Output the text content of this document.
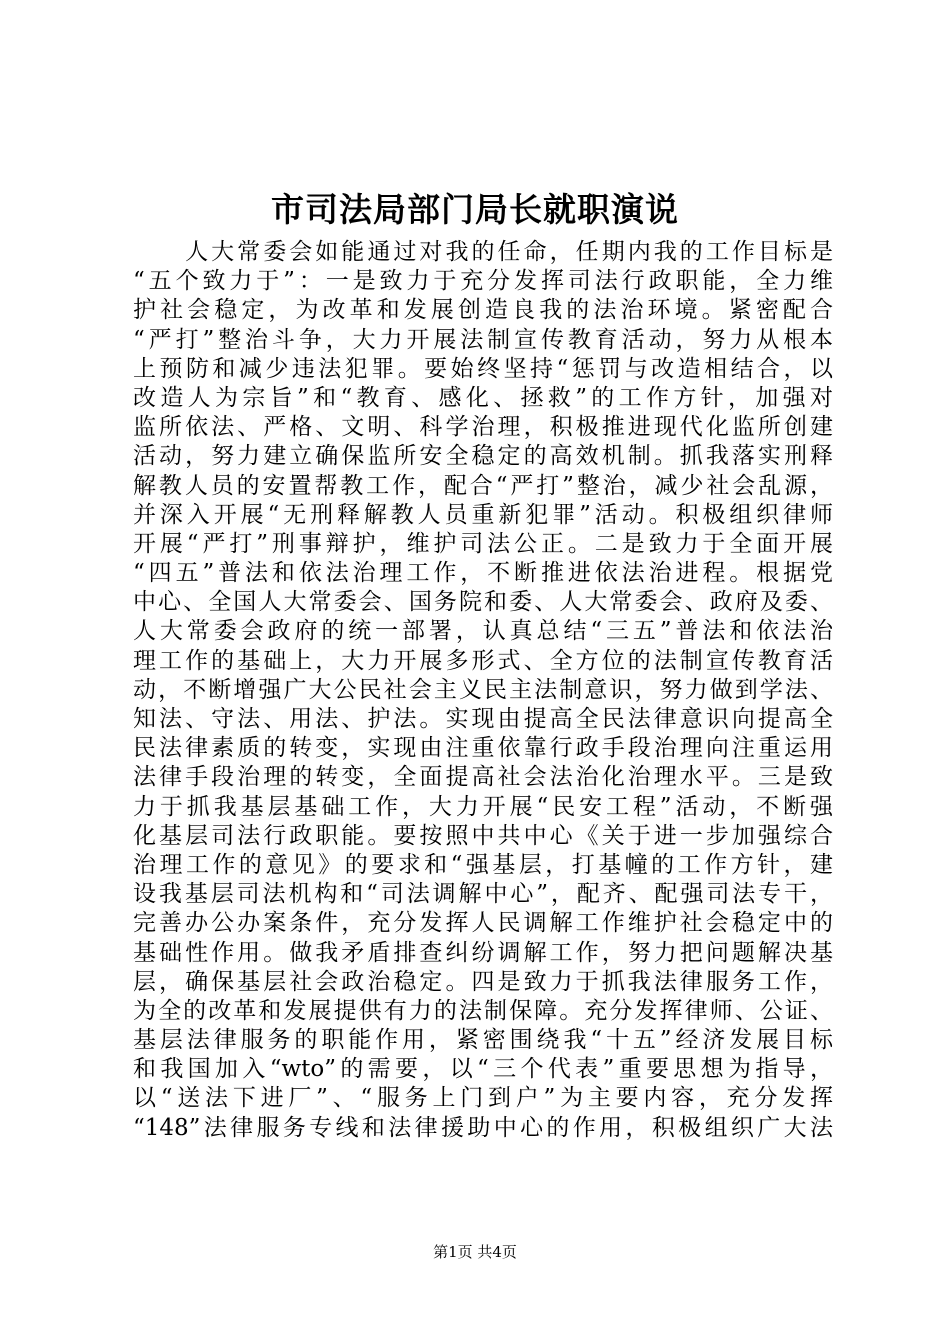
市司法局部门局长就职演说
　　人大常委会如能通过对我的任命，任期内我的工作目标是
“五个致力于”：一是致力于充分发挥司法行政职能，全力维
护社会稳定，为改革和发展创造良我的法治环境。紧密配合
“严打”整治斗争，大力开展法制宣传教育活动，努力从根本
上预防和减少违法犯罪。要始终坚持“惩罚与改造相结合，以
改造人为宗旨”和“教育、感化、拯救”的工作方针，加强对
监所依法、严格、文明、科学治理，积极推进现代化监所创建
活动，努力建立确保监所安全稳定的高效机制。抓我落实刑释
解教人员的安置帮教工作，配合“严打”整治，减少社会乱源，
并深入开展“无刑释解教人员重新犯罪”活动。积极组织律师
开展“严打”刑事辩护，维护司法公正。二是致力于全面开展
“四五”普法和依法治理工作，不断推进依法治进程。根据党
中心、全国人大常委会、国务院和委、人大常委会、政府及委、
人大常委会政府的统一部署，认真总结“三五”普法和依法治
理工作的基础上，大力开展多形式、全方位的法制宣传教育活
动，不断增强广大公民社会主义民主法制意识，努力做到学法、
知法、守法、用法、护法。实现由提高全民法律意识向提高全
民法律素质的转变，实现由注重依靠行政手段治理向注重运用
法律手段治理的转变，全面提高社会法治化治理水平。三是致
力于抓我基层基础工作，大力开展“民安工程”活动，不断强
化基层司法行政职能。要按照中共中心《关于进一步加强综合
治理工作的意见》的要求和“强基层，打基幢的工作方针，建
设我基层司法机构和“司法调解中心”，配齐、配强司法专干，
完善办公办案条件，充分发挥人民调解工作维护社会稳定中的
基础性作用。做我矛盾排查纠纷调解工作，努力把问题解决基
层，确保基层社会政治稳定。四是致力于抓我法律服务工作，
为全的改革和发展提供有力的法制保障。充分发挥律师、公证、
基层法律服务的职能作用，紧密围绕我“十五”经济发展目标
和我国加入“wto”的需要，以“三个代表”重要思想为指导，
以“送法下进厂”、“服务上门到户”为主要内容，充分发挥
“148”法律服务专线和法律援助中心的作用，积极组织广大法
第1页 共4页
